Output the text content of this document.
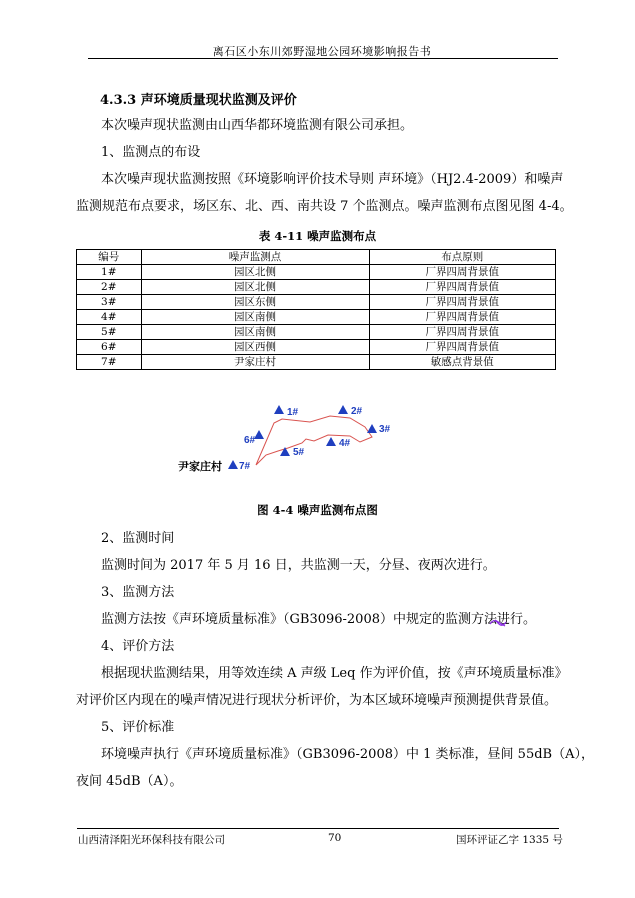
离石区小东川郊野湿地公园环境影响报告书
4.3.3 声环境质量现状监测及评价
本次噪声现状监测由山西华都环境监测有限公司承担。
1、监测点的布设
本次噪声现状监测按照《环境影响评价技术导则 声环境》（HJ2.4-2009）和噪声
监测规范布点要求，场区东、北、西、南共设 7 个监测点。噪声监测布点图见图 4-4。
表 4-11 噪声监测布点
编号	噪声监测点	布点原则
1#	园区北侧	厂界四周背景值
2#	园区北侧	厂界四周背景值
3#	园区东侧	厂界四周背景值
4#	园区南侧	厂界四周背景值
5#	园区南侧	厂界四周背景值
6#	园区西侧	厂界四周背景值
7#	尹家庄村	敏感点背景值
1#	2#
3#
4#
5#
6#
7#
尹家庄村
图 4-4 噪声监测布点图
2、监测时间
监测时间为 2017 年 5 月 16 日，共监测一天，分昼、夜两次进行。
3、监测方法
监测方法按《声环境质量标准》（GB3096-2008）中规定的监测方法进行。
4、评价方法
根据现状监测结果，用等效连续 A 声级 Leq 作为评价值，按《声环境质量标准》
对评价区内现在的噪声情况进行现状分析评价，为本区域环境噪声预测提供背景值。
5、评价标准
环境噪声执行《声环境质量标准》（GB3096-2008）中 1 类标准，昼间 55dB（A），
夜间 45dB（A）。
山西清泽阳光环保科技有限公司	70	国环评证乙字 1335 号
